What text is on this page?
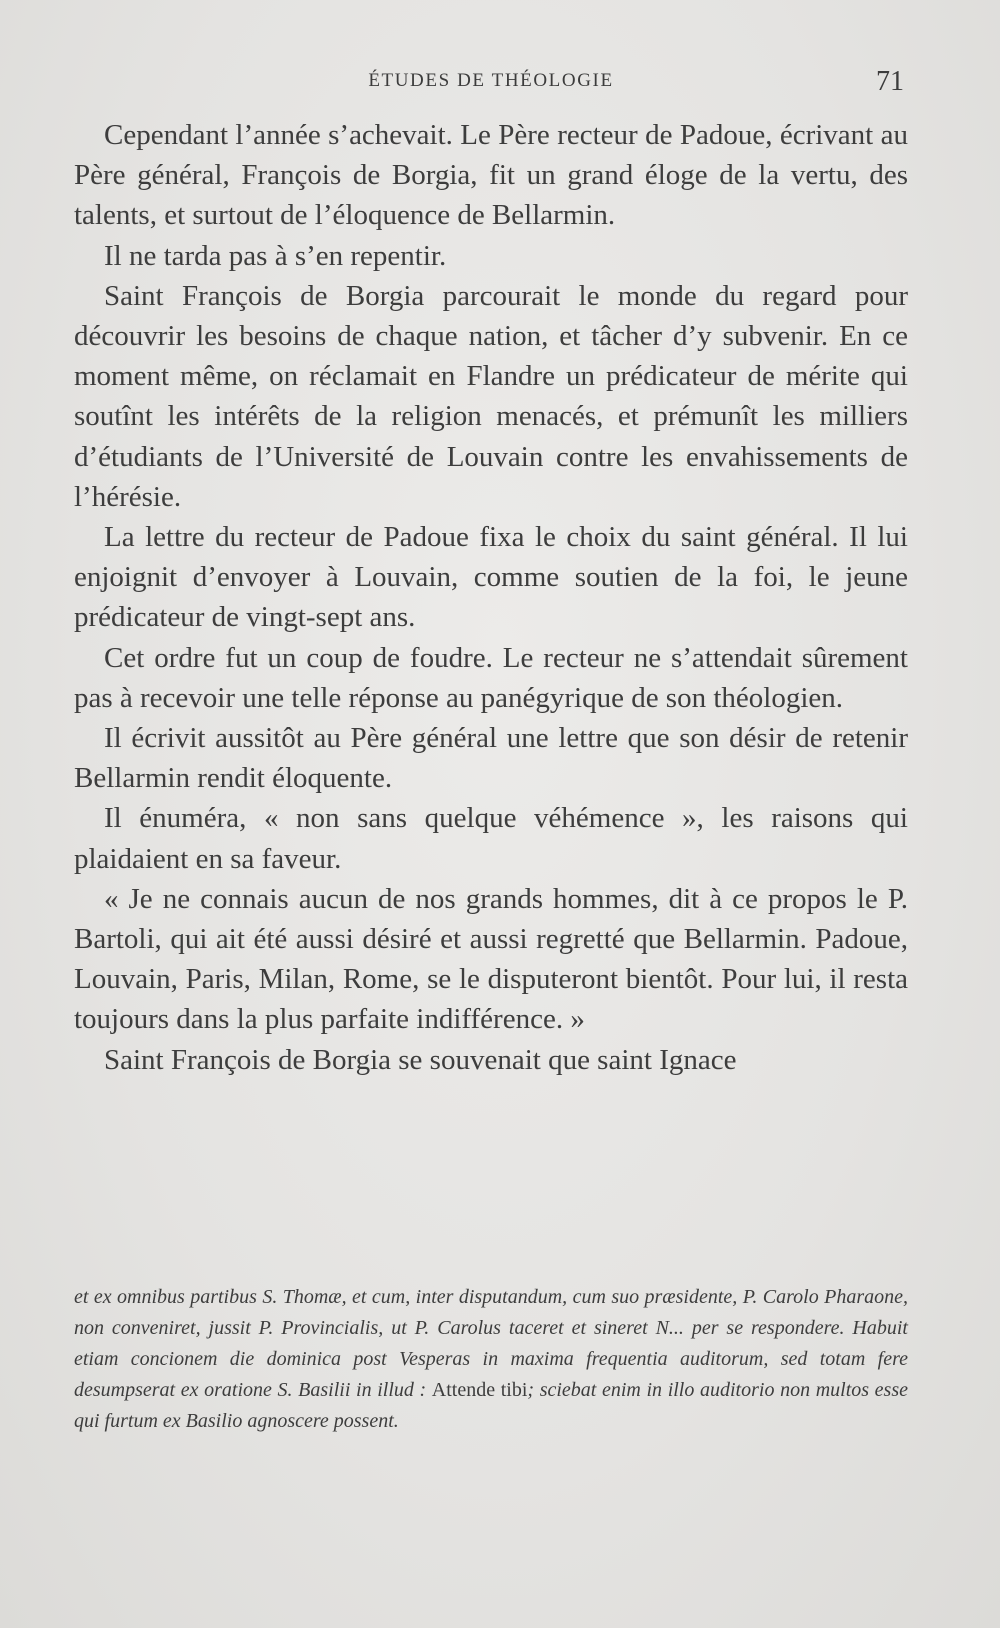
ÉTUDES DE THÉOLOGIE	71

Cependant l’année s’achevait. Le Père recteur de Padoue, écrivant au Père général, François de Borgia, fit un grand éloge de la vertu, des talents, et surtout de l’éloquence de Bellarmin.

Il ne tarda pas à s’en repentir.

Saint François de Borgia parcourait le monde du regard pour découvrir les besoins de chaque nation, et tâcher d’y subvenir. En ce moment même, on réclamait en Flandre un prédicateur de mérite qui soutînt les intérêts de la religion menacés, et prémunît les milliers d’étudiants de l’Université de Louvain contre les envahissements de l’hérésie.

La lettre du recteur de Padoue fixa le choix du saint général. Il lui enjoignit d’envoyer à Louvain, comme soutien de la foi, le jeune prédicateur de vingt-sept ans.

Cet ordre fut un coup de foudre. Le recteur ne s’attendait sûrement pas à recevoir une telle réponse au panégyrique de son théologien.

Il écrivit aussitôt au Père général une lettre que son désir de retenir Bellarmin rendit éloquente.

Il énuméra, « non sans quelque véhémence », les raisons qui plaidaient en sa faveur.

« Je ne connais aucun de nos grands hommes, dit à ce propos le P. Bartoli, qui ait été aussi désiré et aussi regretté que Bellarmin. Padoue, Louvain, Paris, Milan, Rome, se le disputeront bientôt. Pour lui, il resta toujours dans la plus parfaite indifférence. »

Saint François de Borgia se souvenait que saint Ignace

et ex omnibus partibus S. Thomæ, et cum, inter disputandum, cum suo præsidente, P. Carolo Pharaone, non conveniret, jussit P. Provincialis, ut P. Carolus taceret et sineret N... per se respondere. Habuit etiam concionem die dominica post Vesperas in maxima frequentia auditorum, sed totam fere desumpserat ex oratione S. Basilii in illud : Attende tibi; sciebat enim in illo auditorio non multos esse qui furtum ex Basilio agnoscere possent.
